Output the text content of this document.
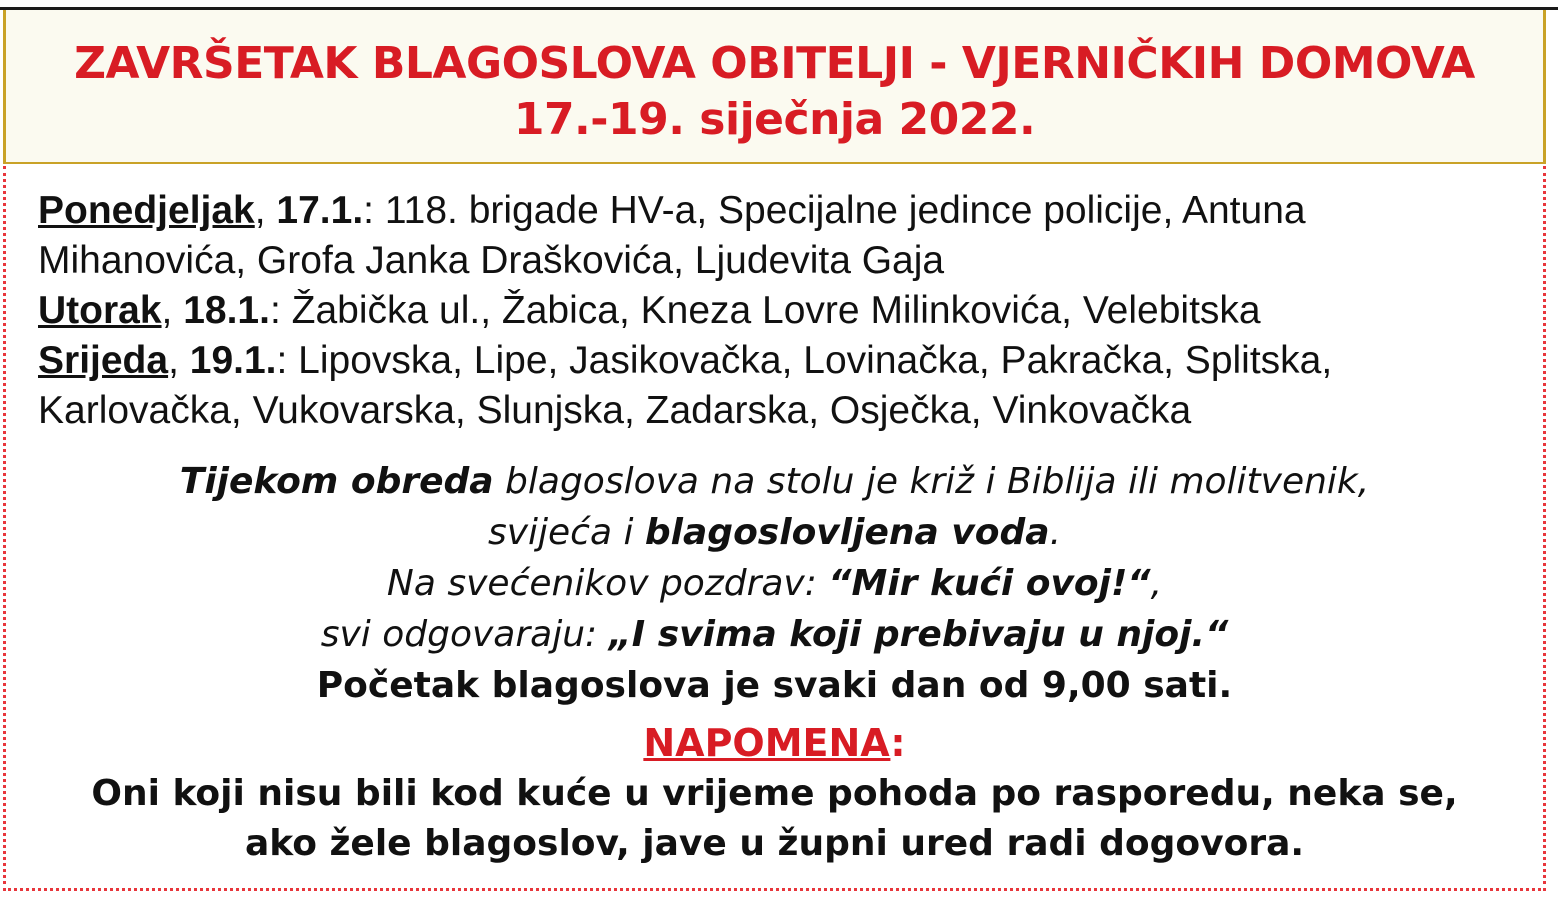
ZAVRŠETAK BLAGOSLOVA OBITELJI - VJERNIČKIH DOMOVA
17.-19. siječnja 2022.
Ponedjeljak, 17.1.: 118. brigade HV-a, Specijalne jedince policije, Antuna
Mihanovića, Grofa Janka Draškovića, Ljudevita Gaja
Utorak, 18.1.: Žabička ul., Žabica, Kneza Lovre Milinkovića, Velebitska
Srijeda, 19.1.: Lipovska, Lipe, Jasikovačka, Lovinačka, Pakračka, Splitska,
Karlovačka, Vukovarska, Slunjska, Zadarska, Osječka, Vinkovačka
Tijekom obreda blagoslova na stolu je križ i Biblija ili molitvenik,
svijeća i blagoslovljena voda.
Na svećenikov pozdrav: “Mir kući ovoj!“,
svi odgovaraju: „I svima koji prebivaju u njoj.“
Početak blagoslova je svaki dan od 9,00 sati.
NAPOMENA:
Oni koji nisu bili kod kuće u vrijeme pohoda po rasporedu, neka se,
ako žele blagoslov, jave u župni ured radi dogovora.
